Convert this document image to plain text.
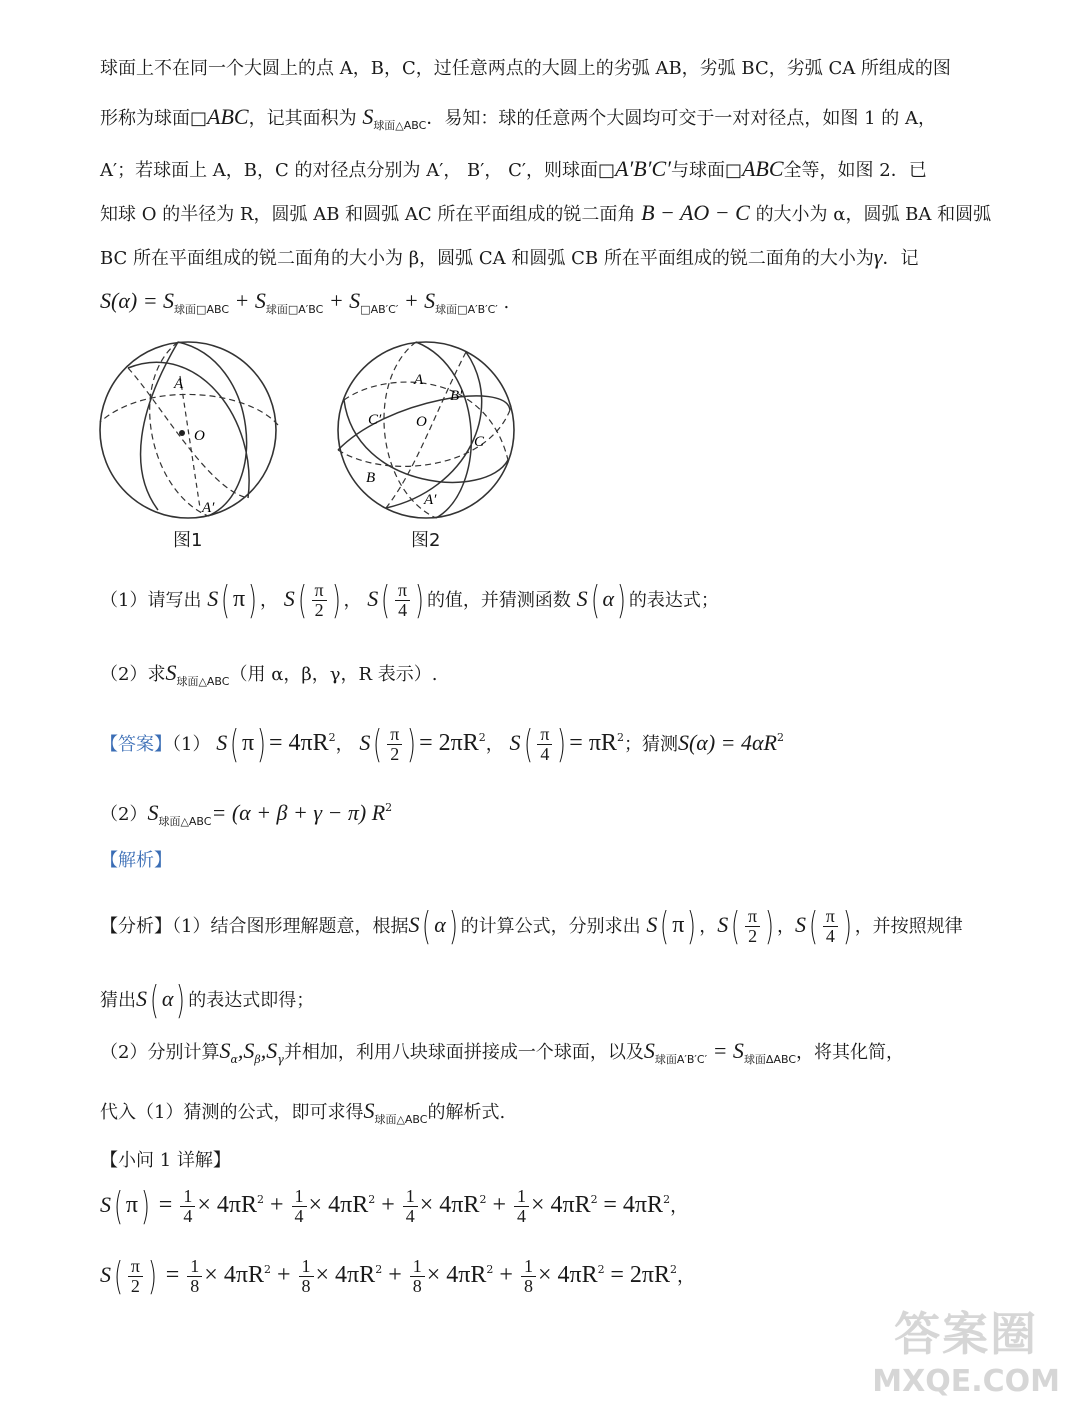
球面上不在同一个大圆上的点 A，B，C，过任意两点的大圆上的劣弧 AB，劣弧 BC，劣弧 CA 所组成的图
形称为球面□ABC，记其面积为 $S_{球面\triangle ABC}$．易知：球的任意两个大圆均可交于一对对径点，如图 1 的 A，
A′；若球面上 A，B，C 的对径点分别为 A′， B′， C′，则球面□A′B′C′与球面□ABC全等，如图 2．已
知球 O 的半径为 R，圆弧 AB 和圆弧 AC 所在平面组成的锐二面角 B − AO − C 的大小为 α，圆弧 BA 和圆弧
BC 所在平面组成的锐二面角的大小为 β，圆弧 CA 和圆弧 CB 所在平面组成的锐二面角的大小为γ．记
$S(\alpha) = S_{球面□ABC} + S_{球面□A'BC} + S_{□AB'C'} + S_{球面□A'B'C'}$ .
A
O
A′
A
B′
C′ O
C
B
A′
图1	图2
（1）请写出 S( π) ， $S( \frac{\pi}{2}$ ) ， $S( \frac{\pi}{4}$ ) 的值，并猜测函数 S( α) 的表达式；
（2）求$S_{球面\triangle ABC}$（用 α，β，γ，R 表示）.
【答案】（1） S( $\pi) = 4\pi R^2$， $S( \frac{\pi}{2}$ ) = $2\pi R^2$， $S( \frac{\pi}{4}$ ) = $\pi R^2$；猜测$S(\alpha) = 4\alpha R^2$
$(2)S_{球面\triangle ABC}= (\alpha + \beta + \gamma - \pi)$ $R^2$
【解析】
【分析】（1）结合图形理解题意，根据S( α) 的计算公式，分别求出 S( π) ，$S( \frac{\pi}{2}$ ) ，$S( \frac{\pi}{4}$ ) ，并按照规律
猜出S( α) 的表达式即得；
（2）分别计算$S_\alpha,S_\beta,S_\gamma$并相加，利用八块球面拼接成一个球面，以及$S_{球面A'B'C'} = S_{球面\Delta ABC}$，将其化简，
代入（1）猜测的公式，即可求得$S_{球面\triangle ABC}$的解析式.
【小问 1 详解】
S( $\pi) = \frac{1}{4} \times 4\pi R^2 + \frac{1}{4} \times 4\pi R^2 + \frac{1}{4} \times 4\pi R^2 + \frac{1}{4} \times 4\pi R^2 = 4\pi R^2$，
$S( \frac{\pi}{2}$ ) = $\frac{1}{8} \times 4\pi R^2 + \frac{1}{8} \times 4\pi R^2 + \frac{1}{8} \times 4\pi R^2 + \frac{1}{8} \times 4\pi R^2 = 2\pi R^2$，
答案圈
MXQE.COM
